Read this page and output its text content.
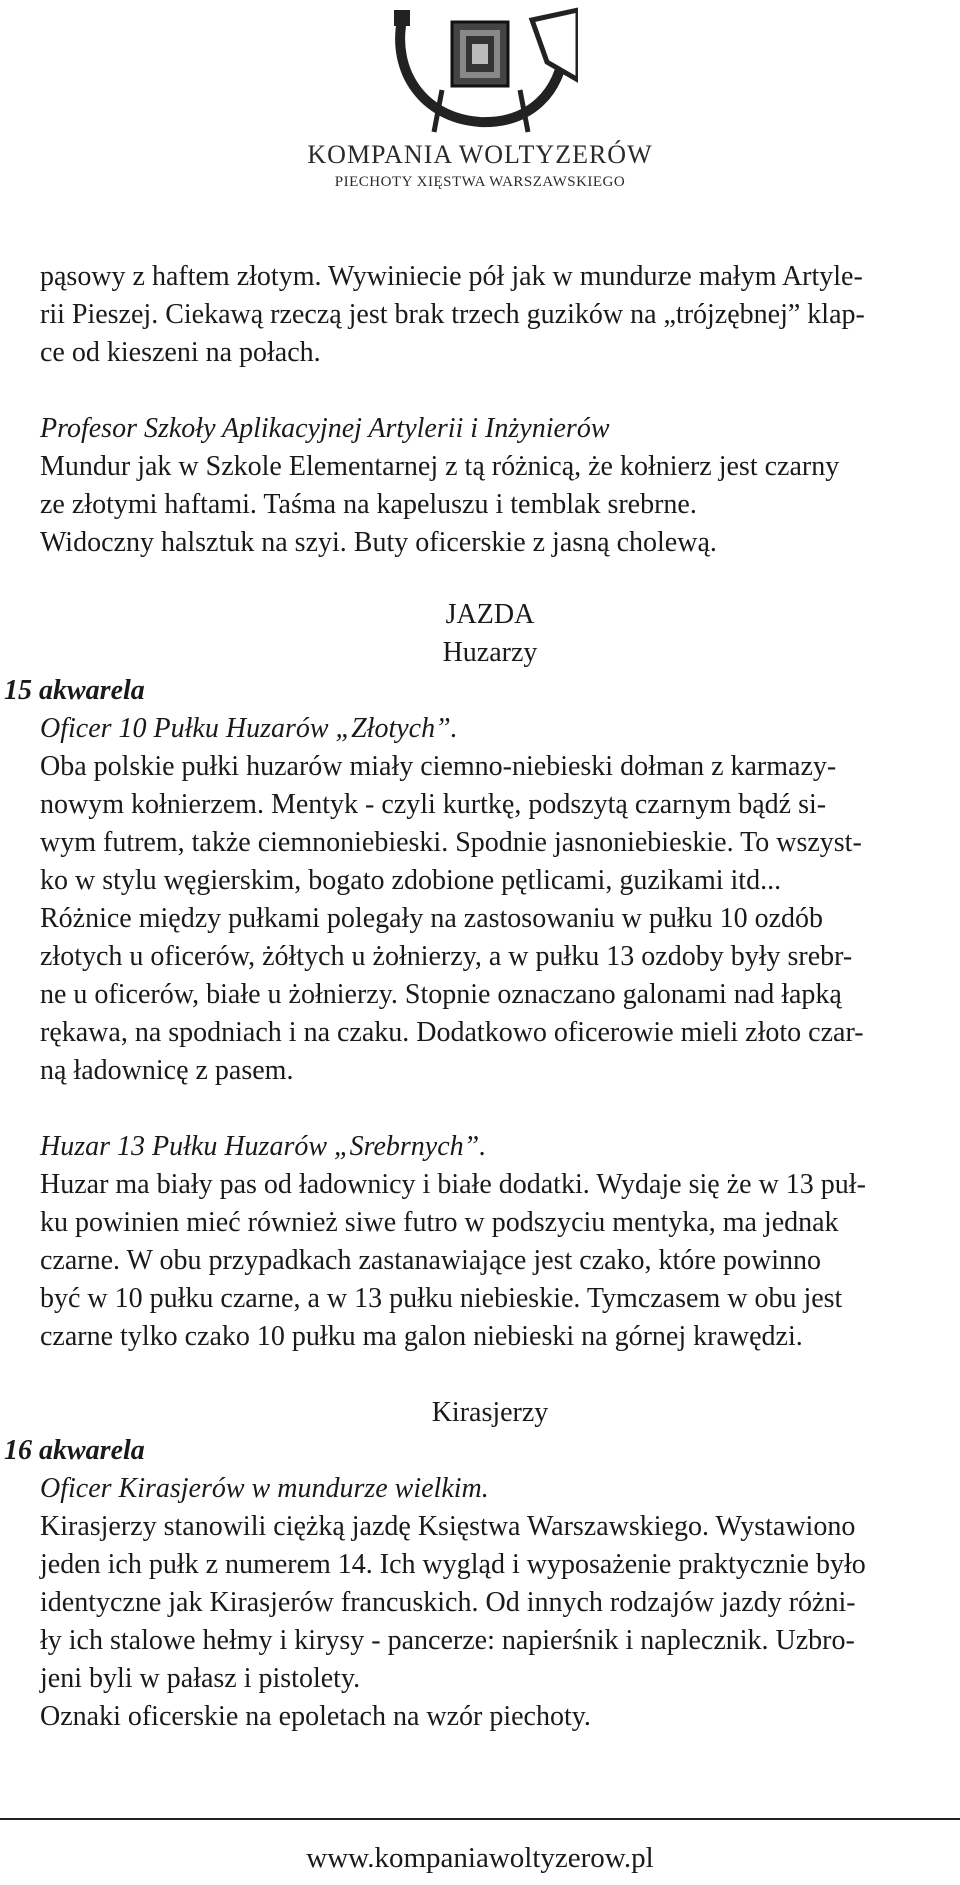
KOMPANIA WOLTYZERÓW
PIECHOTY XIĘSTWA WARSZAWSKIEGO

pąsowy z haftem złotym. Wywiniecie pół jak w mundurze małym Artyle-

rii Pieszej. Ciekawą rzeczą jest brak trzech guzików na „trójzębnej” klap-

ce od kieszeni na połach.

Profesor Szkoły Aplikacyjnej Artylerii i Inżynierów

Mundur jak w Szkole Elementarnej z tą różnicą, że kołnierz jest czarny

ze złotymi haftami. Taśma na kapeluszu i temblak srebrne.

Widoczny halsztuk na szyi. Buty oficerskie z jasną cholewą.

JAZDA

Huzarzy

15 akwarela

Oficer 10 Pułku Huzarów „Złotych”.

Oba polskie pułki huzarów miały ciemno-niebieski dołman z karmazy-

nowym kołnierzem. Mentyk - czyli kurtkę, podszytą czarnym bądź si-

wym futrem, także ciemnoniebieski. Spodnie jasnoniebieskie. To wszyst-

ko w stylu węgierskim, bogato zdobione pętlicami, guzikami itd...

Różnice między pułkami polegały na zastosowaniu w pułku 10 ozdób

złotych u oficerów, żółtych u żołnierzy, a w pułku 13 ozdoby były srebr-

ne u oficerów, białe u żołnierzy. Stopnie oznaczano galonami nad łapką

rękawa, na spodniach i na czaku. Dodatkowo oficerowie mieli złoto czar-

ną ładownicę z pasem.

Huzar 13 Pułku Huzarów „Srebrnych”.

Huzar ma biały pas od ładownicy i białe dodatki. Wydaje się że w 13 puł-

ku powinien mieć również siwe futro w podszyciu mentyka, ma jednak

czarne. W obu przypadkach zastanawiające jest czako, które powinno

być w 10 pułku czarne, a w 13 pułku niebieskie. Tymczasem w obu jest

czarne tylko czako 10 pułku ma galon niebieski na górnej krawędzi.

Kirasjerzy

16 akwarela

Oficer Kirasjerów w mundurze wielkim.

Kirasjerzy stanowili ciężką jazdę Księstwa Warszawskiego. Wystawiono

jeden ich pułk z numerem 14. Ich wygląd i wyposażenie praktycznie było

identyczne jak Kirasjerów francuskich. Od innych rodzajów jazdy różni-

ły ich stalowe hełmy i kirysy - pancerze: napierśnik i naplecznik. Uzbro-

jeni byli w pałasz i pistolety.

Oznaki oficerskie na epoletach na wzór piechoty.

www.kompaniawoltyzerow.pl
